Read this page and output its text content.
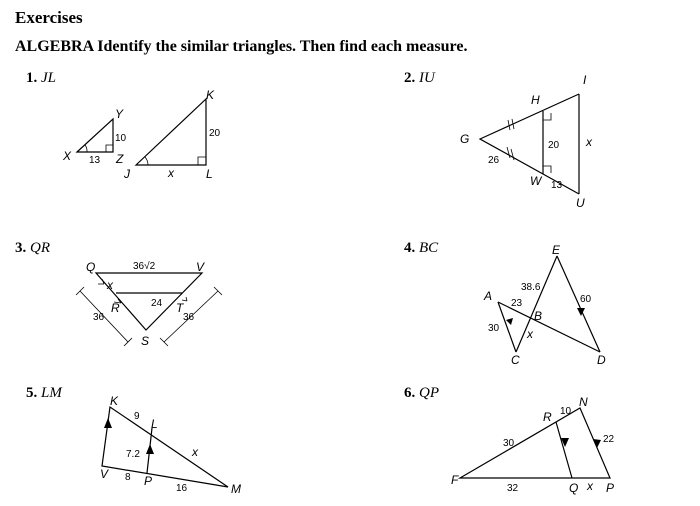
Exercises
ALGEBRA Identify the similar triangles. Then find each measure.
1. JL
Y
X	Z
K
J	L
10
13
20
x
2. IU
G
H
I
W
U
20 x
26
13
3. QR
Q	V
R	T
S
36√2
x
24
36	36
4. BC	E
A
B
C	D
38.6
23	60
30 x
5. LM	K
L
V	P
M
9
7.2	x
8
16
6. QP
R
N
F
Q P
10
30	22
32	x
